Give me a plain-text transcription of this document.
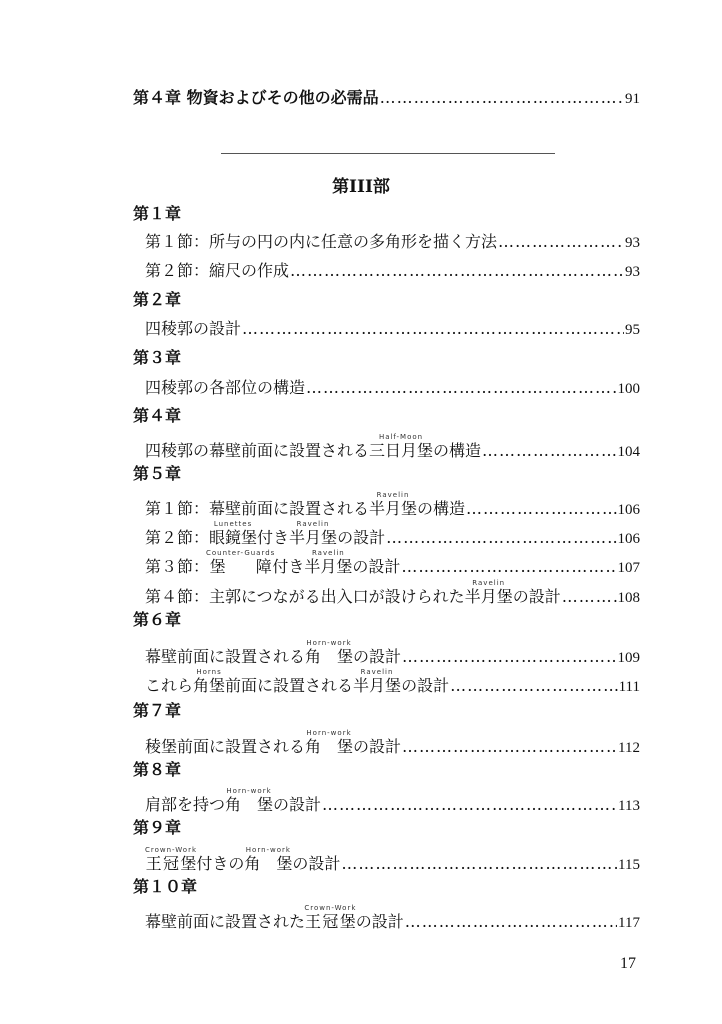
第４章 物資およびその他の必需品 ………………………………………………………………………………………………………………………………	91
第III部
第１章
第１節：所与の円の内に任意の多角形を描く方法 ………………………………………………………………………………………………………………………………	93
第２節：縮尺の作成 ………………………………………………………………………………………………………………………………	93
第２章
四稜郭の設計 ………………………………………………………………………………………………………………………………	95
第３章
四稜郭の各部位の構造 ………………………………………………………………………………………………………………………………	100
第４章
四稜郭の幕壁前面に設置される三日月堡Half-Moonの構造 ………………………………………………………………………………………………………………………………	104
第５章
第１節：幕壁前面に設置される半月堡Ravelinの構造 ………………………………………………………………………………………………………………………………	106
第２節：眼鏡堡Lunettes付き半月堡Ravelinの設計 ………………………………………………………………………………………………………………………………	106
第３節：堡　障Counter-Guards付き半月堡Ravelinの設計 ………………………………………………………………………………………………………………………………	107
第４節：主郭につながる出入口が設けられた半月堡Ravelinの設計 ………………………………………………………………………………………………………………………………	108
第６章
幕壁前面に設置される角　堡Horn-workの設計 ………………………………………………………………………………………………………………………………	109
これら角堡Horns前面に設置される半月堡Ravelinの設計 ………………………………………………………………………………………………………………………………	111
第７章
稜堡前面に設置される角　堡Horn-workの設計 ………………………………………………………………………………………………………………………………	112
第８章
肩部を持つ角　堡Horn-workの設計 ………………………………………………………………………………………………………………………………	113
第９章
王冠堡Crown-Work付きの角　堡Horn-workの設計 ………………………………………………………………………………………………………………………………	115
第１０章
幕壁前面に設置された王冠堡Crown-Workの設計 ………………………………………………………………………………………………………………………………	117
17
